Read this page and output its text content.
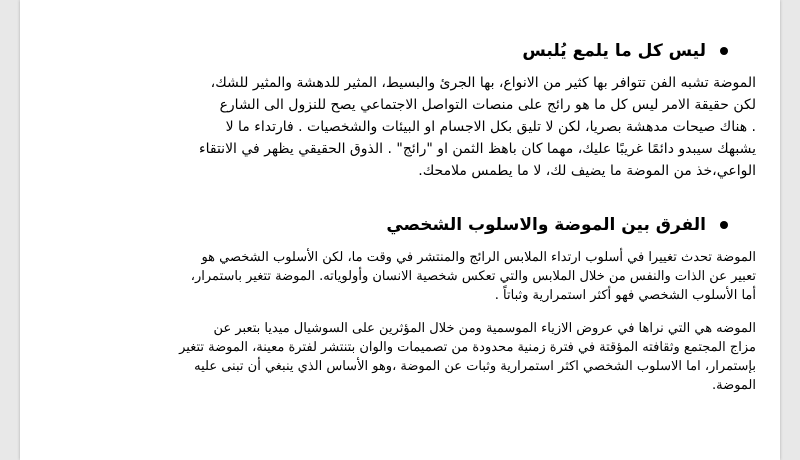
ليس كل ما يلمع يُلبس
الموضة تشبه الفن تتوافر بها كثير من الانواع، بها الجرئ والبسيط، المثير للدهشة والمثير للشك،
لكن حقيقة الامر ليس كل ما هو رائج على منصات التواصل الاجتماعي يصح للنزول الى الشارع
. هناك صيحات مدهشة بصريا، لكن لا تليق بكل الاجسام او البيئات والشخصيات . فارتداء ما لا
يشبهك سيبدو دائمًا غريبًا عليك، مهما كان باهظ الثمن او "رائج" . الذوق الحقيقي يظهر في الانتقاء
الواعي،خذ من الموضة ما يضيف لك، لا ما يطمس ملامحك.
الفرق بين الموضة والاسلوب الشخصي
الموضة تحدث تغييرا في أسلوب ارتداء الملابس الرائج والمنتشر في وقت ما، لكن الأسلوب الشخصي هو
تعبير عن الذات والنفس من خلال الملابس والتي تعكس شخصية الانسان وأولوياته. الموضة تتغير باستمرار،
أما الأسلوب الشخصي فهو أكثر استمرارية وثباتاً .
الموضه هي التي نراها في عروض الازياء الموسمية ومن خلال المؤثرين على السوشيال ميديا بتعبر عن
مزاج المجتمع وثقافته المؤقتة في فترة زمنية محدودة من تصميمات والوان بتنتشر لفترة معينة، الموضة تتغير
بإستمرار، اما الاسلوب الشخصي اكثر استمرارية وثبات عن الموضة ،وهو الأساس الذي ينبغي أن تبنى عليه
الموضة.
